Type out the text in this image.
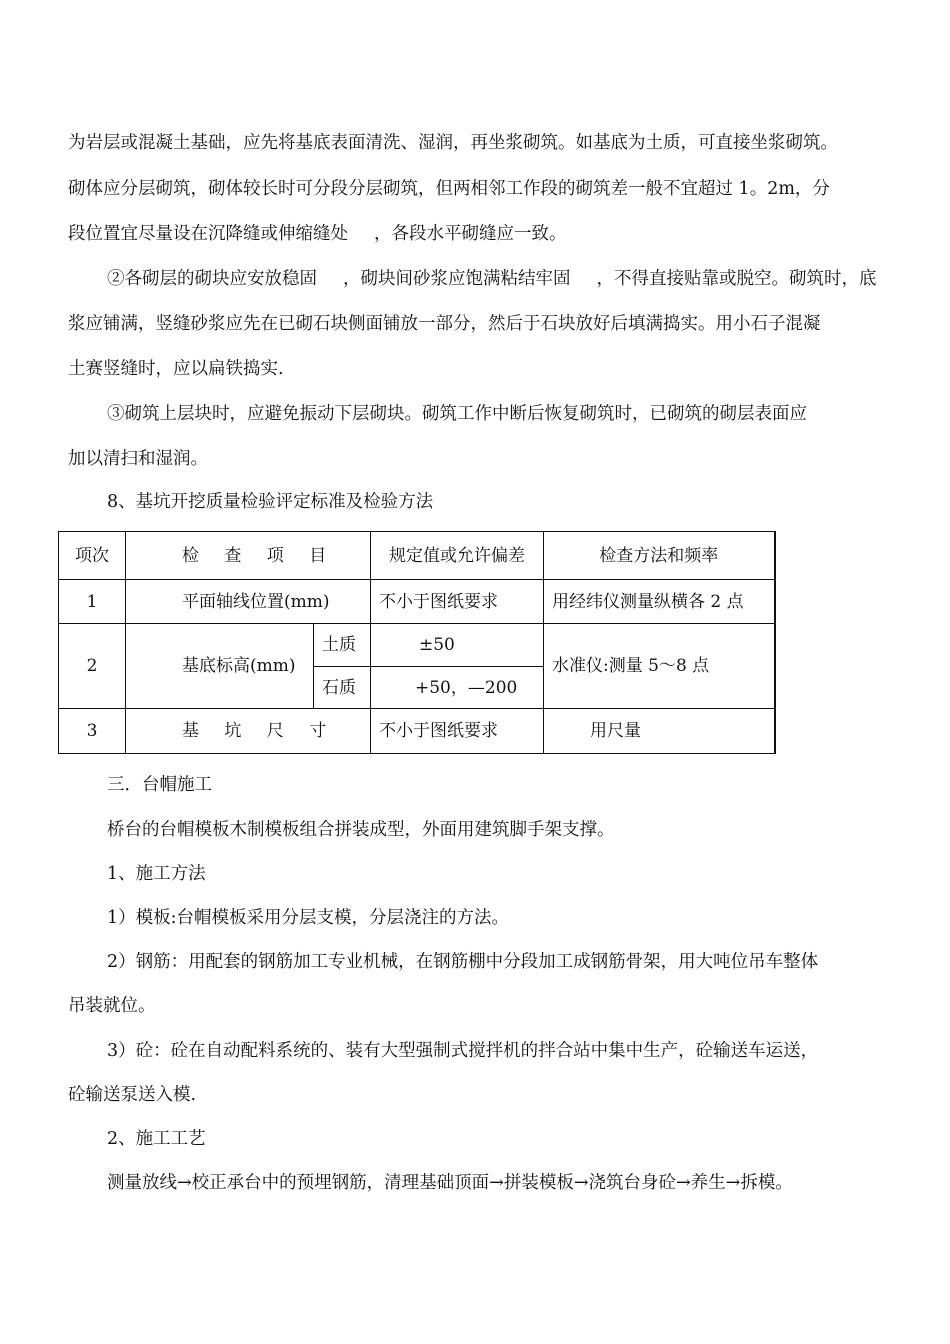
为岩层或混凝土基础，应先将基底表面清洗、湿润，再坐浆砌筑。如基底为土质，可直接坐浆砌筑。
砌体应分层砌筑，砌体较长时可分段分层砌筑，但两相邻工作段的砌筑差一般不宜超过 1。2m，分
段位置宜尽量设在沉降缝或伸缩缝处 ，各段水平砌缝应一致。
②各砌层的砌块应安放稳固 ，砌块间砂浆应饱满粘结牢固 ，不得直接贴靠或脱空。砌筑时，底
浆应铺满，竖缝砂浆应先在已砌石块侧面铺放一部分，然后于石块放好后填满捣实。用小石子混凝
土赛竖缝时，应以扁铁捣实.
③砌筑上层块时，应避免振动下层砌块。砌筑工作中断后恢复砌筑时，已砌筑的砌层表面应
加以清扫和湿润。
8、基坑开挖质量检验评定标准及检验方法
项次	检 查 项 目		规定值或允许偏差	检查方法和频率
1	平面轴线位置(mm)		不小于图纸要求	用经纬仪测量纵横各 2 点
2	基底标高(mm)	土质	±50	水准仪:测量 5～8 点
		石质	+50，—200	
3	基 坑 尺 寸		不小于图纸要求	用尺量
三．台帽施工
桥台的台帽模板木制模板组合拼装成型，外面用建筑脚手架支撑。
1、施工方法
1）模板:台帽模板采用分层支模，分层浇注的方法。
2）钢筋：用配套的钢筋加工专业机械，在钢筋棚中分段加工成钢筋骨架，用大吨位吊车整体
吊装就位。
3）砼：砼在自动配料系统的、装有大型强制式搅拌机的拌合站中集中生产，砼输送车运送，
砼输送泵送入模.
2、施工工艺
测量放线→校正承台中的预埋钢筋，清理基础顶面→拼装模板→浇筑台身砼→养生→拆模。
